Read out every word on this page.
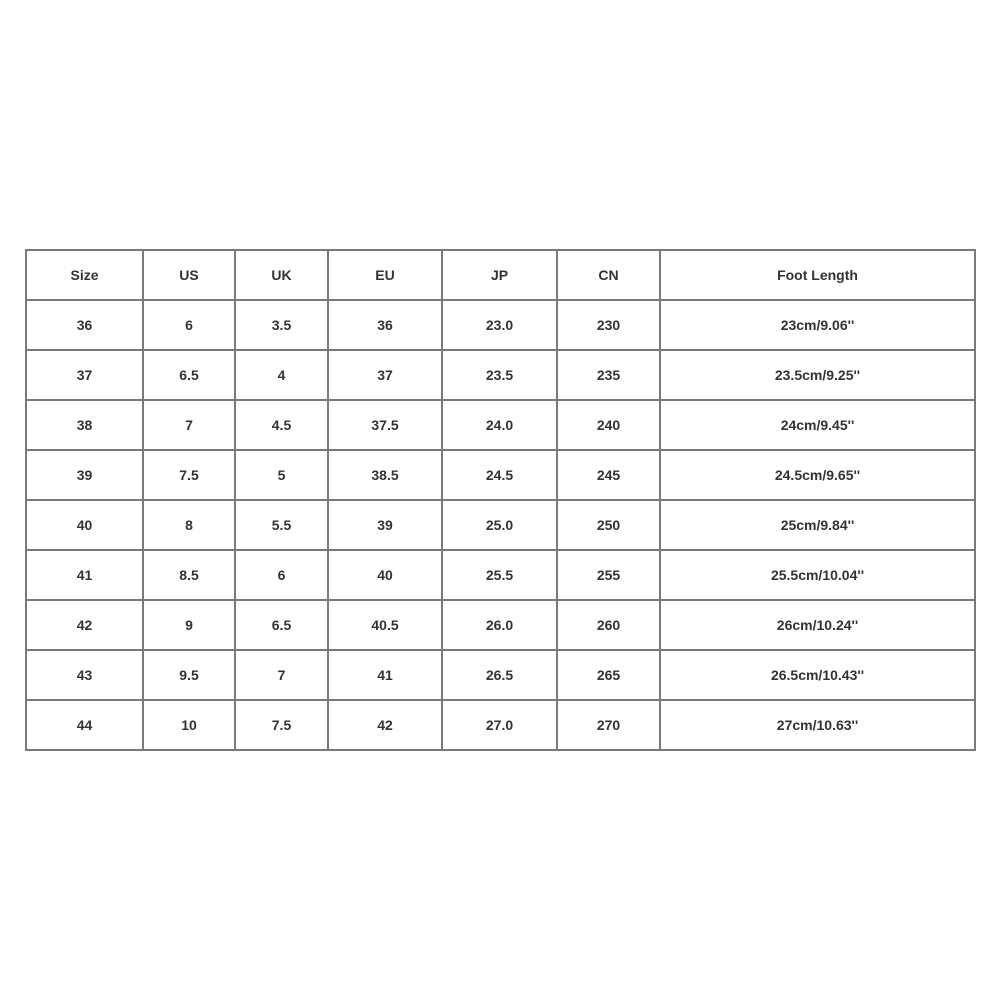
Size	US	UK	EU	JP	CN	Foot Length
36	6	3.5	36	23.0	230	23cm/9.06''
37	6.5	4	37	23.5	235	23.5cm/9.25''
38	7	4.5	37.5	24.0	240	24cm/9.45''
39	7.5	5	38.5	24.5	245	24.5cm/9.65''
40	8	5.5	39	25.0	250	25cm/9.84''
41	8.5	6	40	25.5	255	25.5cm/10.04''
42	9	6.5	40.5	26.0	260	26cm/10.24''
43	9.5	7	41	26.5	265	26.5cm/10.43''
44	10	7.5	42	27.0	270	27cm/10.63''
